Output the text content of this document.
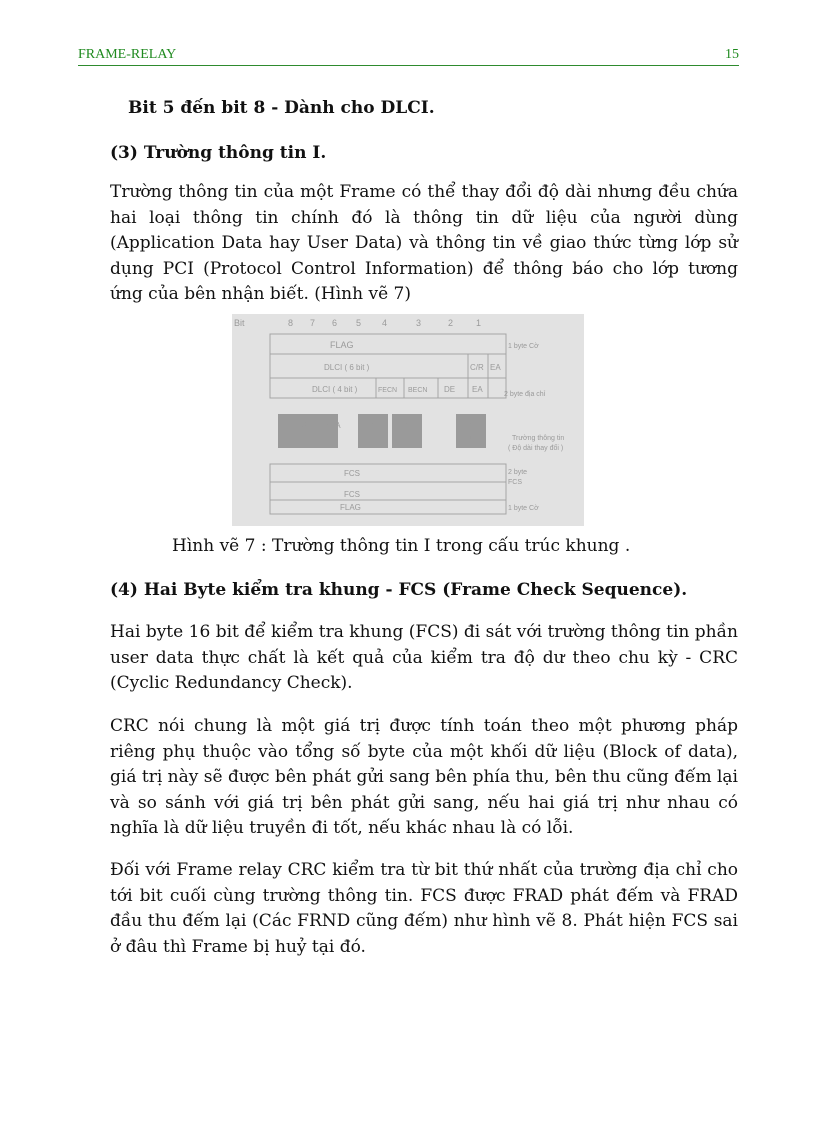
FRAME-RELAY	15

Bit 5 đến bit 8 - Dành cho DLCI.

(3) Trường thông tin I.

Trường thông tin của một Frame có thể thay đổi độ dài nhưng đều chứa hai loại thông tin chính đó là thông tin dữ liệu của người dùng (Application Data hay User Data) và thông tin về giao thức từng lớp sử dụng PCI (Protocol Control Information) để thông báo cho lớp tương ứng của bên nhận biết. (Hình vẽ 7)

Bit	8 7 6 5 4	3	2	1
FLAG
DLCI ( 6 bit )	C/R EA
DLCI ( 4 bit )	FECN BECN DE EA
USER DATA	PCI
Lớp4
PCI
Lớp3
PCI
lớp1
FCS
FCS
FLAG
1 byte Cờ
2 byte địa chỉ
Trường thông tin
( Độ dài thay đổi )
2 byte
FCS
1 byte Cờ
Hình vẽ 7 : Trường thông tin I trong cấu trúc khung .

(4) Hai Byte kiểm tra khung - FCS (Frame Check Sequence).

Hai byte 16 bit để kiểm tra khung (FCS) đi sát với trường thông tin phần user data thực chất là kết quả của kiểm tra độ dư theo chu kỳ - CRC (Cyclic Redundancy Check).

CRC nói chung là một giá trị được tính toán theo một phương pháp riêng phụ thuộc vào tổng số byte của một khối dữ liệu (Block of data), giá trị này sẽ được bên phát gửi sang bên phía thu, bên thu cũng đếm lại và so sánh với giá trị bên phát gửi sang, nếu hai giá trị như nhau có nghĩa là dữ liệu truyền đi tốt, nếu khác nhau là có lỗi.

Đối với Frame relay CRC kiểm tra từ bit thứ nhất của trường địa chỉ cho tới bit cuối cùng trường thông tin. FCS được FRAD phát đếm và FRAD đầu thu đếm lại (Các FRND cũng đếm) như hình vẽ 8. Phát hiện FCS sai ở đâu thì Frame bị huỷ tại đó.
